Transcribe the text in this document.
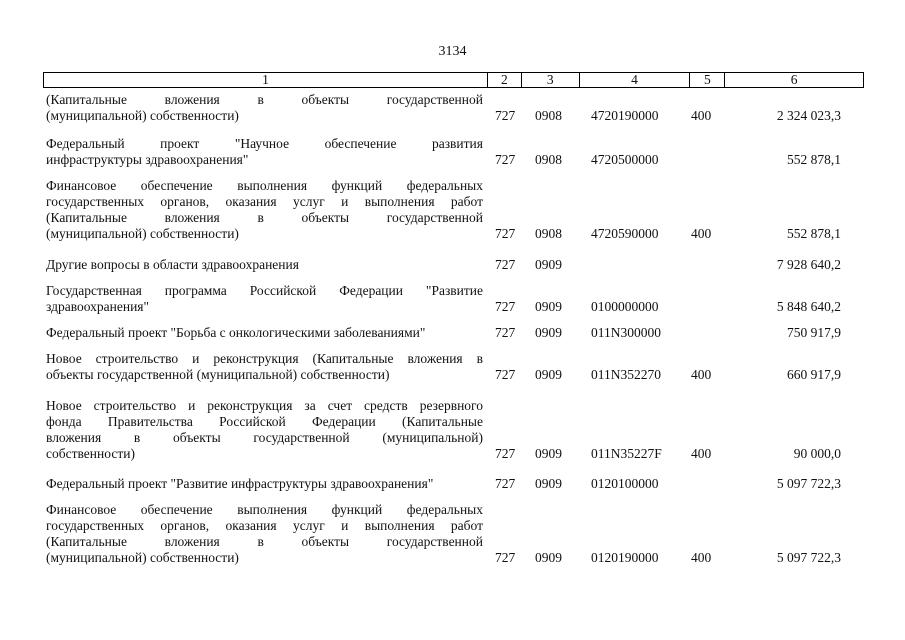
3134
1	2	3	4	5	6
(Капитальные вложения в объекты государственной
(муниципальной) собственности)	727 0908 4720190000 400	2 324 023,3
Федеральный проект "Научное обеспечение развития
инфраструктуры здравоохранения"	727 0908 4720500000	552 878,1
Финансовое обеспечение выполнения функций федеральных
государственных органов, оказания услуг и выполнения работ
(Капитальные вложения в объекты государственной
(муниципальной) собственности)	727 0908 4720590000 400	552 878,1
Другие вопросы в области здравоохранения	727 0909	7 928 640,2
Государственная программа Российской Федерации "Развитие
здравоохранения"	727 0909 0100000000	5 848 640,2
Федеральный проект "Борьба с онкологическими заболеваниями"	727 0909 011N300000	750 917,9
Новое строительство и реконструкция (Капитальные вложения в
объекты государственной (муниципальной) собственности)	727 0909 011N352270 400	660 917,9
Новое строительство и реконструкция за счет средств резервного
фонда Правительства Российской Федерации (Капитальные
вложения в объекты государственной (муниципальной)
собственности)	727 0909 011N35227F 400	90 000,0
Федеральный проект "Развитие инфраструктуры здравоохранения"	727 0909 0120100000	5 097 722,3
Финансовое обеспечение выполнения функций федеральных
государственных органов, оказания услуг и выполнения работ
(Капитальные вложения в объекты государственной
(муниципальной) собственности)	727 0909 0120190000 400	5 097 722,3
